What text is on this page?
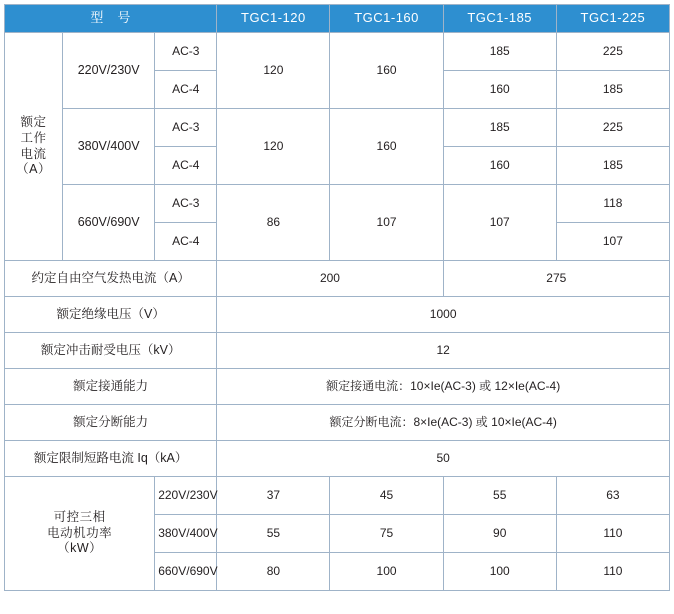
型　号			TGC1-120	TGC1-160	TGC1-185	TGC1-225

额定
工作
电流
（A）	220V/230V	AC-3	120	160	185	225
		AC-4			160	185
	380V/400V	AC-3	120	160	185	225
		AC-4			160	185
	660V/690V	AC-3	86	107	107	118
		AC-4				107
约定自由空气发热电流（A）			200		275	
额定绝缘电压（V）			1000			
额定冲击耐受电压（kV）			12			
额定接通能力			额定接通电流：10×Ie(AC-3) 或 12×Ie(AC-4)			
额定分断能力			额定分断电流：8×Ie(AC-3) 或 10×Ie(AC-4)			
额定限制短路电流 Iq（kA）			50			

可控三相
电动机功率
（kW）		220V/230V	37	45	55	63
		380V/400V	55	75	90	110
		660V/690V	80	100	100	110
